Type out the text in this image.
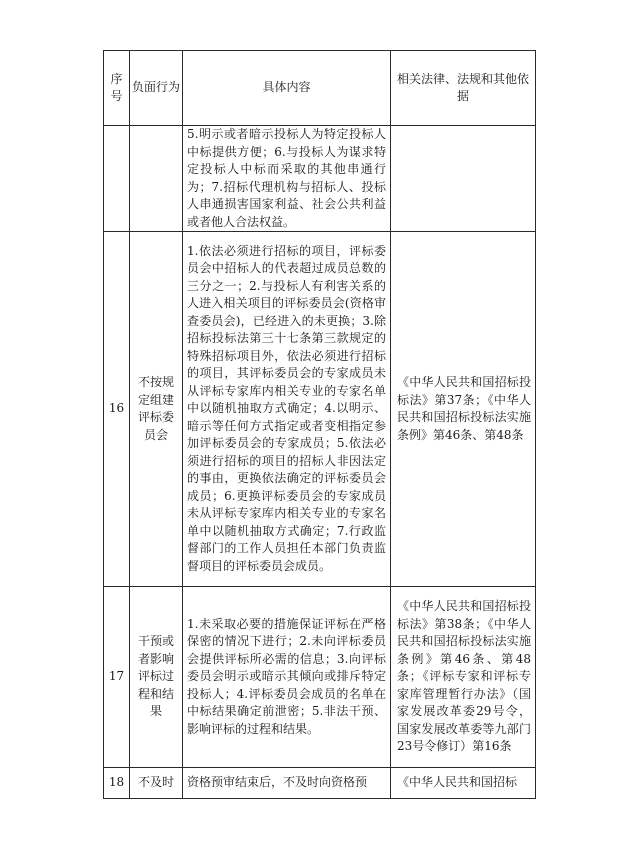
序号	负面行为	具体内容	相关法律、法规和其他依据

		5.明示或者暗示投标人为特定投标人中标提供方便；6.与投标人为谋求特定投标人中标而采取的其他串通行为；7.招标代理机构与招标人、投标人串通损害国家利益、社会公共利益或者他人合法权益。	

16	不按规定组建评标委员会	1.依法必须进行招标的项目，评标委员会中招标人的代表超过成员总数的三分之一；2.与投标人有利害关系的人进入相关项目的评标委员会(资格审查委员会)，已经进入的未更换；3.除招标投标法第三十七条第三款规定的特殊招标项目外，依法必须进行招标的项目，其评标委员会的专家成员未从评标专家库内相关专业的专家名单中以随机抽取方式确定；4.以明示、暗示等任何方式指定或者变相指定参加评标委员会的专家成员；5.依法必须进行招标的项目的招标人非因法定的事由，更换依法确定的评标委员会成员；6.更换评标委员会的专家成员未从评标专家库内相关专业的专家名单中以随机抽取方式确定；7.行政监督部门的工作人员担任本部门负责监督项目的评标委员会成员。	《中华人民共和国招标投标法》第37条；《中华人民共和国招标投标法实施条例》第46条、第48条

17	干预或者影响评标过程和结果	1.未采取必要的措施保证评标在严格保密的情况下进行；2.未向评标委员会提供评标所必需的信息；3.向评标委员会明示或暗示其倾向或排斥特定投标人；4.评标委员会成员的名单在中标结果确定前泄密；5.非法干预、影响评标的过程和结果。	《中华人民共和国招标投标法》第38条；《中华人民共和国招标投标法实施条例》第46条、第48条；《评标专家和评标专家库管理暂行办法》（国家发展改革委29号令，国家发展改革委等九部门23号令修订）第16条

18	不及时	资格预审结束后，不及时向资格预	《中华人民共和国招标
